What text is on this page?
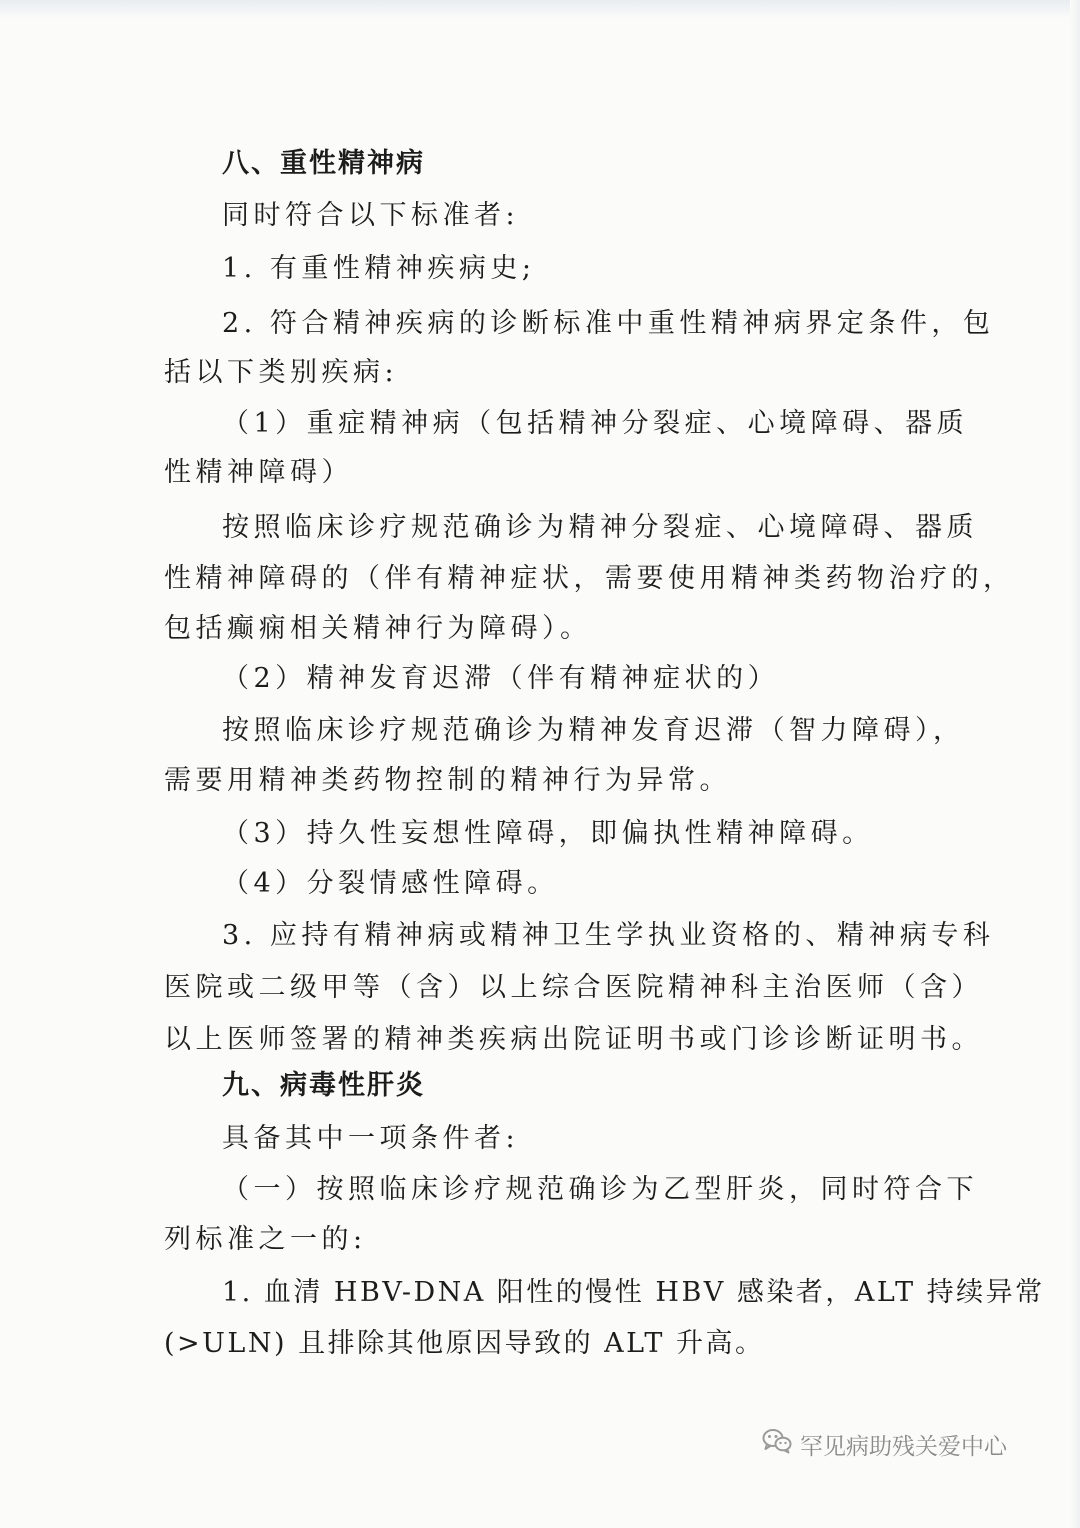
八、重性精神病
同时符合以下标准者:
1. 有重性精神疾病史;
2. 符合精神疾病的诊断标准中重性精神病界定条件，包
括以下类别疾病:
（1）重症精神病（包括精神分裂症、心境障碍、器质
性精神障碍）
按照临床诊疗规范确诊为精神分裂症、心境障碍、器质
性精神障碍的（伴有精神症状，需要使用精神类药物治疗的，
包括癫痫相关精神行为障碍）。
（2）精神发育迟滞（伴有精神症状的）
按照临床诊疗规范确诊为精神发育迟滞（智力障碍），
需要用精神类药物控制的精神行为异常。
（3）持久性妄想性障碍，即偏执性精神障碍。
（4）分裂情感性障碍。
3. 应持有精神病或精神卫生学执业资格的、精神病专科
医院或二级甲等（含）以上综合医院精神科主治医师（含）
以上医师签署的精神类疾病出院证明书或门诊诊断证明书。
九、病毒性肝炎
具备其中一项条件者:
（一）按照临床诊疗规范确诊为乙型肝炎，同时符合下
列标准之一的:
1. 血清 HBV-DNA 阳性的慢性 HBV 感染者，ALT 持续异常
(>ULN) 且排除其他原因导致的 ALT 升高。
罕见病助残关爱中心
